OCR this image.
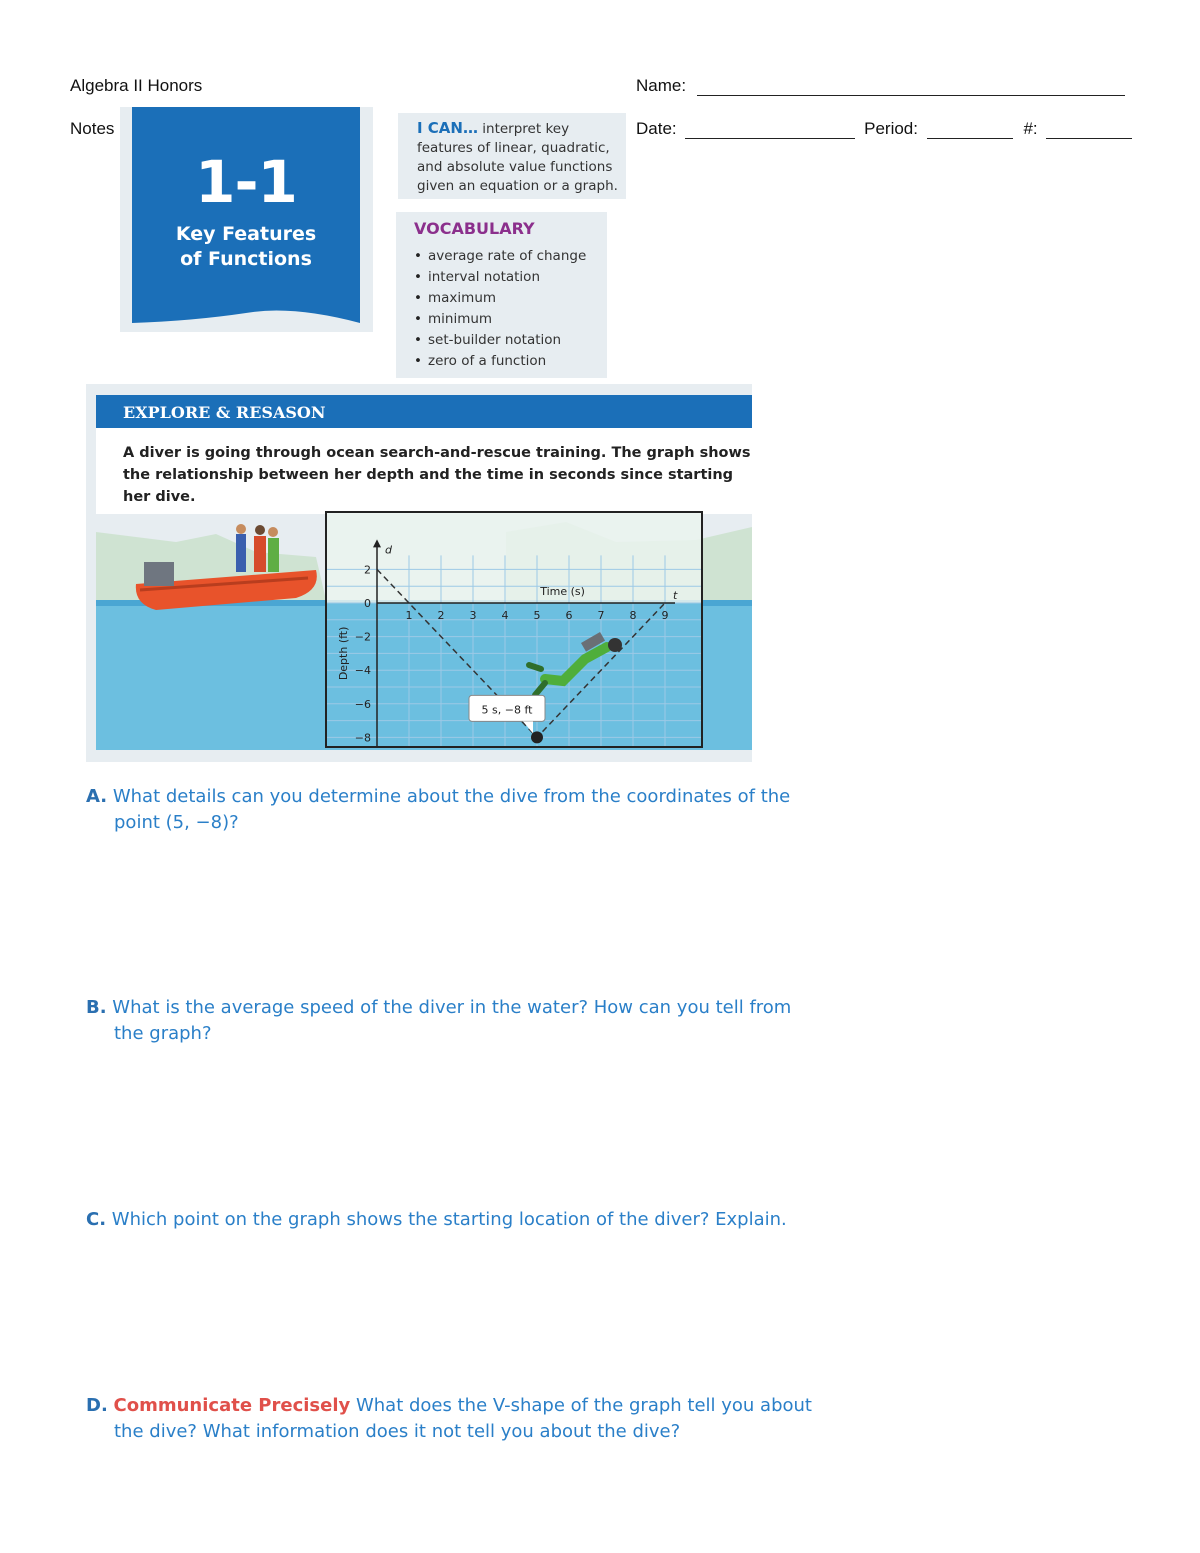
Algebra II Honors
Notes
Name:
Date:	Period:	#:
1-1
Key Features
of Functions
I CAN… interpret key
features of linear, quadratic,
and absolute value functions
given an equation or a graph.
VOCABULARY
• average rate of change
• interval notation
• maximum
• minimum
• set-builder notation
• zero of a function
EXPLORE & RESASON
A diver is going through ocean search-and-rescue training. The graph shows
the relationship between her depth and the time in seconds since starting
her dive.
1 2 3 4 5 6 7 8 9
2
0
−2
−4
−6
−8
Time (s)
Depth (ft)
t
d
5 s, −8 ft
A. What details can you determine about the dive from the coordinates of the
point (5, −8)?
B. What is the average speed of the diver in the water? How can you tell from
the graph?
C. Which point on the graph shows the starting location of the diver? Explain.
D. Communicate Precisely What does the V-shape of the graph tell you about
the dive? What information does it not tell you about the dive?
